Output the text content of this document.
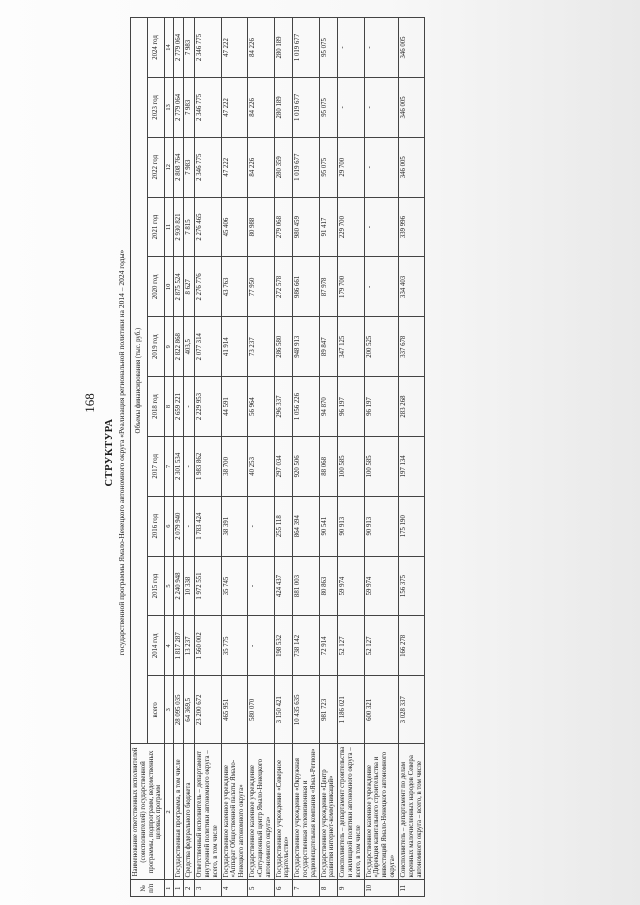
168
СТРУКТУРА государственной программы Ямало-Ненецкого автономного округа «Реализация региональной политики на 2014 – 2024 годы»
№ п/п	Наименование ответственных исполнителей (соисполнителей) государственной программы, подпрограмм, ведомственных целевых программ	Объемы финансирования (тыс. руб.)											
		всего	2014 год	2015 год	2016 год	2017 год	2018 год	2019 год	2020 год	2021 год	2022 год	2023 год	2024 год
1	2	3	4	5	6	7	8	9	10	11	12	13	14
1	Государственная программа, в том числе	28 095 035	1 817 287	2 240 948	2 079 940	2 301 534	2 659 221	2 822 868	2 875 524	2 930 821	2 808 764	2 779 064	2 779 064
2	Средства федерального бюджета	64 369,5	13 237	10 338	-	-	-	403,5	8 627	7 815	7 983	7 983	7 983
3	Ответственный исполнитель – департамент внутренней политики автономного округа – всего, в том числе	23 200 672	1 560 002	1 972 551	1 783 424	1 983 862	2 229 953	2 077 314	2 276 776	2 276 465	2 346 775	2 346 775	2 346 775
4	Государственное казенное учреждение «Аппарат Общественной палаты Ямало-Ненецкого автономного округа»	465 951	35 775	35 745	38 391	38 700	44 591	41 914	43 763	45 406	47 222	47 222	47 222
5	Государственное казенное учреждение «Ситуационный центр Ямало-Ненецкого автономного округа»	580 070	-	-	-	40 253	56 964	73 237	77 950	80 988	84 226	84 226	84 226
6	Государственное учреждение «Северное издательство»	3 150 421	198 532	424 437	255 118	297 034	296 337	286 580	272 578	279 068	280 359	280 189	280 189
7	Государственное учреждение «Окружная государственная телевизионная и радиовещательная компания «Ямал-Регион»	10 435 635	738 142	881 003	864 394	920 506	1 056 226	948 913	986 661	980 459	1 019 677	1 019 677	1 019 677
8	Государственное учреждение «Центр развития интернет-коммуникаций»	981 723	72 914	80 863	90 541	88 068	94 870	89 847	87 978	91 417	95 075	95 075	95 075
9	Соисполнитель – департамент строительства и жилищной политики автономного округа – всего, в том числе	1 186 021	52 127	59 974	90 913	100 585	96 197	347 125	179 700	229 700	29 700	-	-
10	Государственное казенное учреждение «Дирекция капитального строительства и инвестиций Ямало-Ненецкого автономного округа»	600 321	52 127	59 974	90 913	100 585	96 197	200 525	-	-	-	-	-
11	Соисполнитель – департамент по делам коренных малочисленных народов Севера автономного округа – всего, в том числе	3 028 337	166 278	156 375	175 190	197 134	283 268	337 678	334 403	339 996	346 005	346 005	346 005
